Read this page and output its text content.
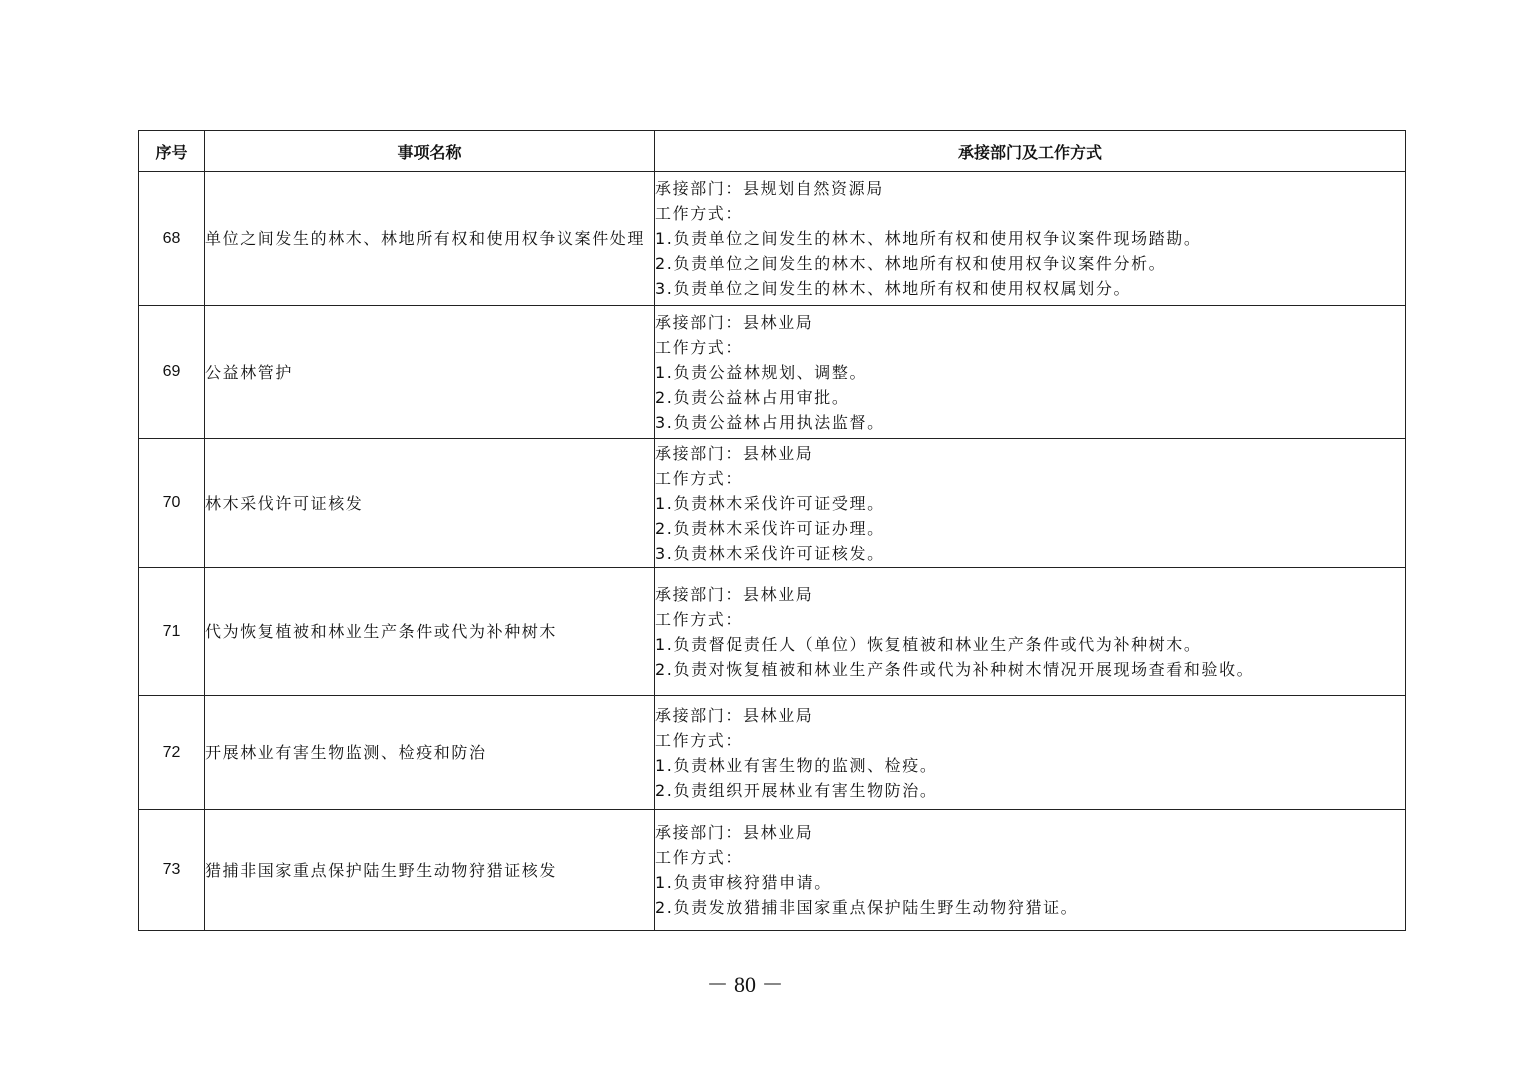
序号	事项名称	承接部门及工作方式
68	单位之间发生的林木、林地所有权和使用权争议案件处理	承接部门：县规划自然资源局
工作方式：
1.负责单位之间发生的林木、林地所有权和使用权争议案件现场踏勘。
2.负责单位之间发生的林木、林地所有权和使用权争议案件分析。
3.负责单位之间发生的林木、林地所有权和使用权权属划分。

69	公益林管护	承接部门：县林业局
工作方式：
1.负责公益林规划、调整。
2.负责公益林占用审批。
3.负责公益林占用执法监督。

70	林木采伐许可证核发	承接部门：县林业局
工作方式：
1.负责林木采伐许可证受理。
2.负责林木采伐许可证办理。
3.负责林木采伐许可证核发。

71	代为恢复植被和林业生产条件或代为补种树木	承接部门：县林业局
工作方式：
1.负责督促责任人（单位）恢复植被和林业生产条件或代为补种树木。
2.负责对恢复植被和林业生产条件或代为补种树木情况开展现场查看和验收。

72	开展林业有害生物监测、检疫和防治	承接部门：县林业局
工作方式：
1.负责林业有害生物的监测、检疫。
2.负责组织开展林业有害生物防治。

73	猎捕非国家重点保护陆生野生动物狩猎证核发	承接部门：县林业局
工作方式：
1.负责审核狩猎申请。
2.负责发放猎捕非国家重点保护陆生野生动物狩猎证。
－ 80 －
